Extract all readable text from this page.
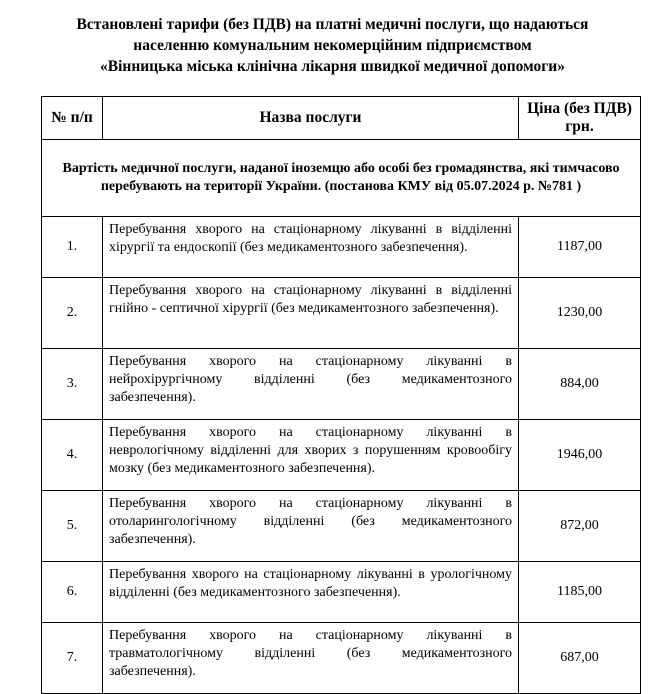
Встановлені тарифи (без ПДВ) на платні медичні послуги, що надаються
населенню комунальним некомерційним підприємством
«Вінницька міська клінічна лікарня швидкої медичної допомоги»
№ п/п	Назва послуги	Ціна (без ПДВ) грн.
Вартість медичної послуги, наданої іноземцю або особі без громадянства, які тимчасово перебувають на території України. (постанова КМУ від 05.07.2024 р. №781 )		
1.	Перебування хворого на стаціонарному лікуванні в відділенні хірургії та ендоскопії (без медикаментозного забезпечення).	1187,00
2.	Перебування хворого на стаціонарному лікуванні в відділенні гнійно - септичної хірургії (без медикаментозного забезпечення).	1230,00
3.	Перебування хворого на стаціонарному лікуванні в нейрохірургічному відділенні (без медикаментозного забезпечення).	884,00
4.	Перебування хворого на стаціонарному лікуванні в неврологічному відділенні для хворих з порушенням кровообігу мозку (без медикаментозного забезпечення).	1946,00
5.	Перебування хворого на стаціонарному лікуванні в отоларингологічному відділенні (без медикаментозного забезпечення).	872,00
6.	Перебування хворого на стаціонарному лікуванні в урологічному відділенні (без медикаментозного забезпечення).	1185,00
7.	Перебування хворого на стаціонарному лікуванні в травматологічному відділенні (без медикаментозного забезпечення).	687,00
